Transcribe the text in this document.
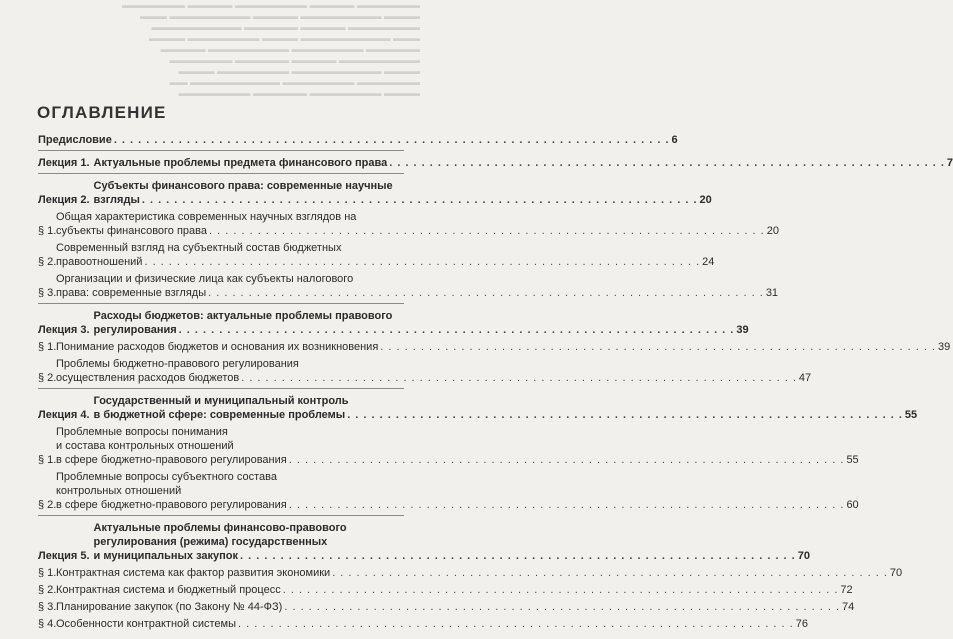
▬▬▬▬▬▬▬ ▬▬▬▬▬ ▬▬▬▬▬▬▬▬ ▬▬▬▬▬ ▬▬▬▬▬▬▬
▬▬▬▬ ▬▬▬▬▬▬▬▬▬ ▬▬▬▬▬ ▬▬▬▬▬▬▬▬▬ ▬▬▬
▬▬▬▬▬▬▬▬ ▬▬▬▬▬ ▬▬▬▬▬▬ ▬▬▬▬▬▬▬▬▬▬
▬▬▬ ▬▬▬▬▬▬▬▬▬▬ ▬▬▬▬ ▬▬▬▬▬▬▬▬ ▬▬▬▬
▬▬▬▬▬▬ ▬▬▬▬▬▬▬▬ ▬▬▬▬▬▬▬▬▬ ▬▬▬▬▬
▬▬▬▬▬▬▬▬▬ ▬▬▬▬▬ ▬▬▬▬▬▬ ▬▬▬▬▬▬▬
▬▬▬▬ ▬▬▬▬▬▬▬▬▬▬ ▬▬▬▬▬▬▬▬ ▬▬▬▬
▬▬▬▬▬▬▬ ▬▬▬▬▬▬▬▬ ▬▬▬▬▬▬▬▬▬▬ ▬▬
▬▬▬▬ ▬▬▬▬▬▬▬▬ ▬▬▬▬▬▬ ▬▬▬▬▬▬▬▬
ОГЛАВЛЕНИЕ
Предисловие . . .	6
Лекция 1. Актуальные проблемы предмета финансового права . . .	7
Лекция 2.
Субъекты финансового права: современные научные
взгляды . . .	20
§ 1.
Общая характеристика современных научных взглядов на
субъекты финансового права . . .	20
§ 2.
Современный взгляд на субъектный состав бюджетных
правоотношений . . .	24
§ 3.
Организации и физические лица как субъекты налогового
права: современные взгляды . . .	31
Лекция 3.
Расходы бюджетов: актуальные проблемы правового
регулирования . . .	39
§ 1. Понимание расходов бюджетов и основания их возникновения . . .	39
§ 2.
Проблемы бюджетно-правового регулирования
осуществления расходов бюджетов . . .	47
Лекция 4.
Государственный и муниципальный контроль
в бюджетной сфере: современные проблемы . . .	55
§ 1.
Проблемные вопросы понимания
и состава контрольных отношений
в сфере бюджетно-правового регулирования . . .	55
§ 2.
Проблемные вопросы субъектного состава
контрольных отношений
в сфере бюджетно-правового регулирования . . .	60
Лекция 5.
Актуальные проблемы финансово-правового
регулирования (режима) государственных
и муниципальных закупок . . .	70
§ 1. Контрактная система как фактор развития экономики . . .	70
§ 2. Контрактная система и бюджетный процесс . . .	72
§ 3. Планирование закупок (по Закону № 44-ФЗ) . . .	74
§ 4. Особенности контрактной системы . . .	76
